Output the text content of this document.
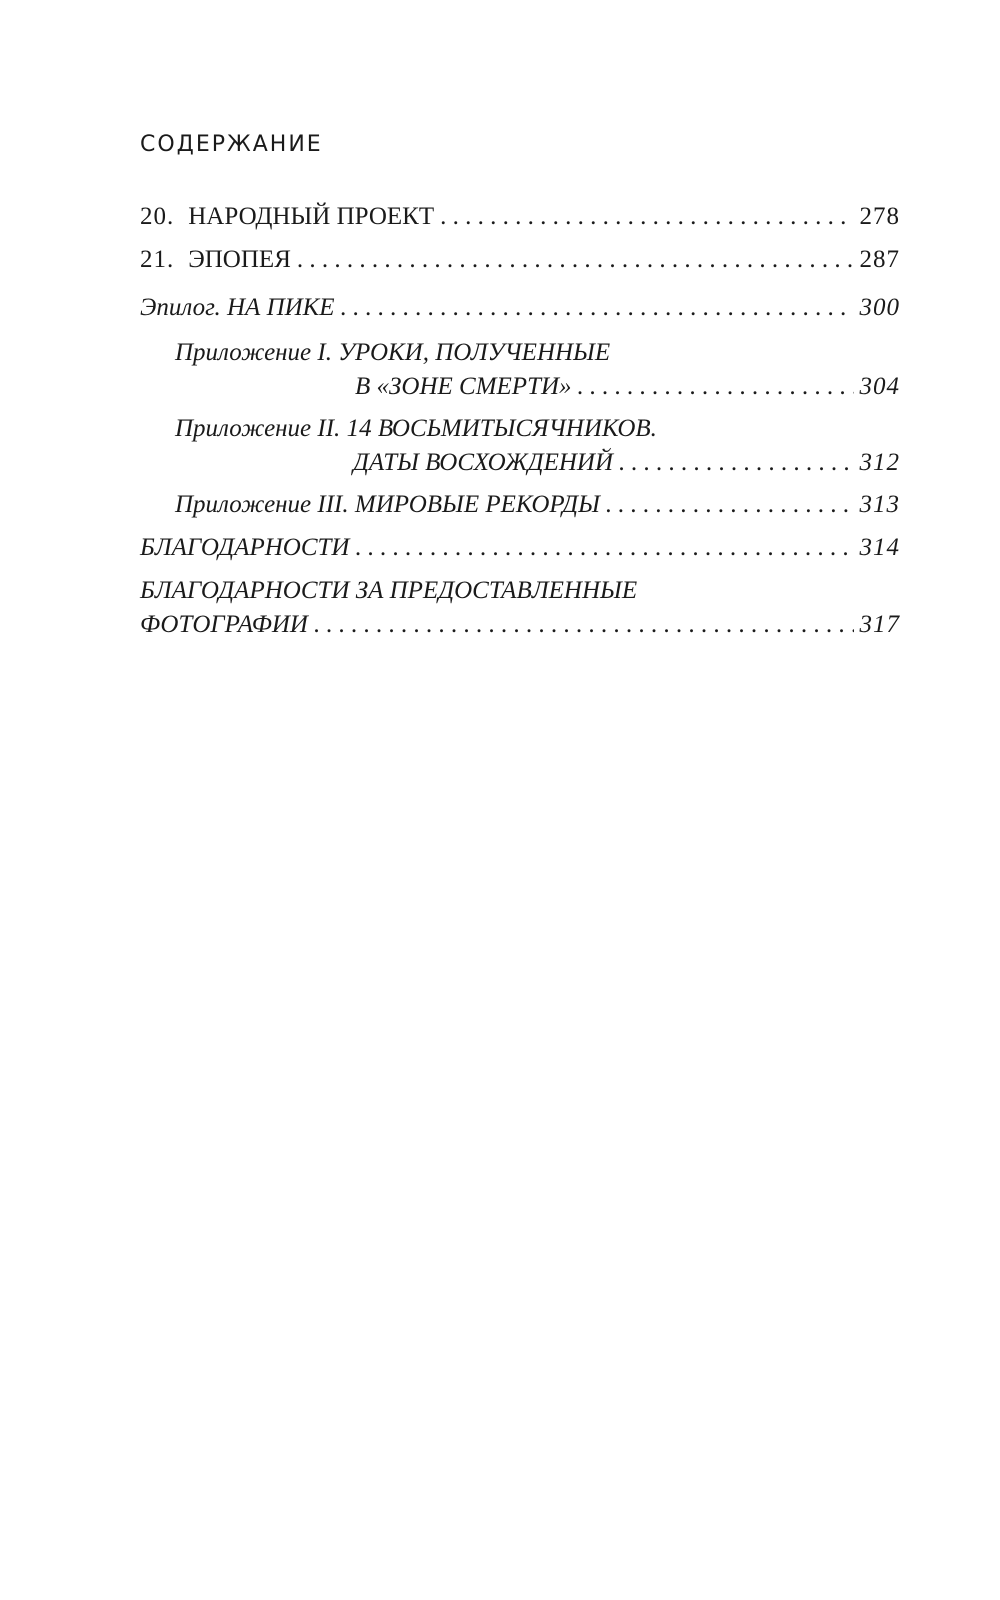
СОДЕРЖАНИЕ
20. НАРОДНЫЙ ПРОЕКТ . . .	278
21. ЭПОПЕЯ . . .	287
Эпилог. НА ПИКЕ . . .	300
Приложение I.
УРОКИ, ПОЛУЧЕННЫЕ
В «ЗОНЕ СМЕРТИ» . . .	304
Приложение II.
14 ВОСЬМИТЫСЯЧНИКОВ.
ДАТЫ ВОСХОЖДЕНИЙ . . .	312
Приложение III. МИРОВЫЕ РЕКОРДЫ . . .	313
БЛАГОДАРНОСТИ . . .	314
БЛАГОДАРНОСТИ ЗА ПРЕДОСТАВЛЕННЫЕ
ФОТОГРАФИИ . . .	317
